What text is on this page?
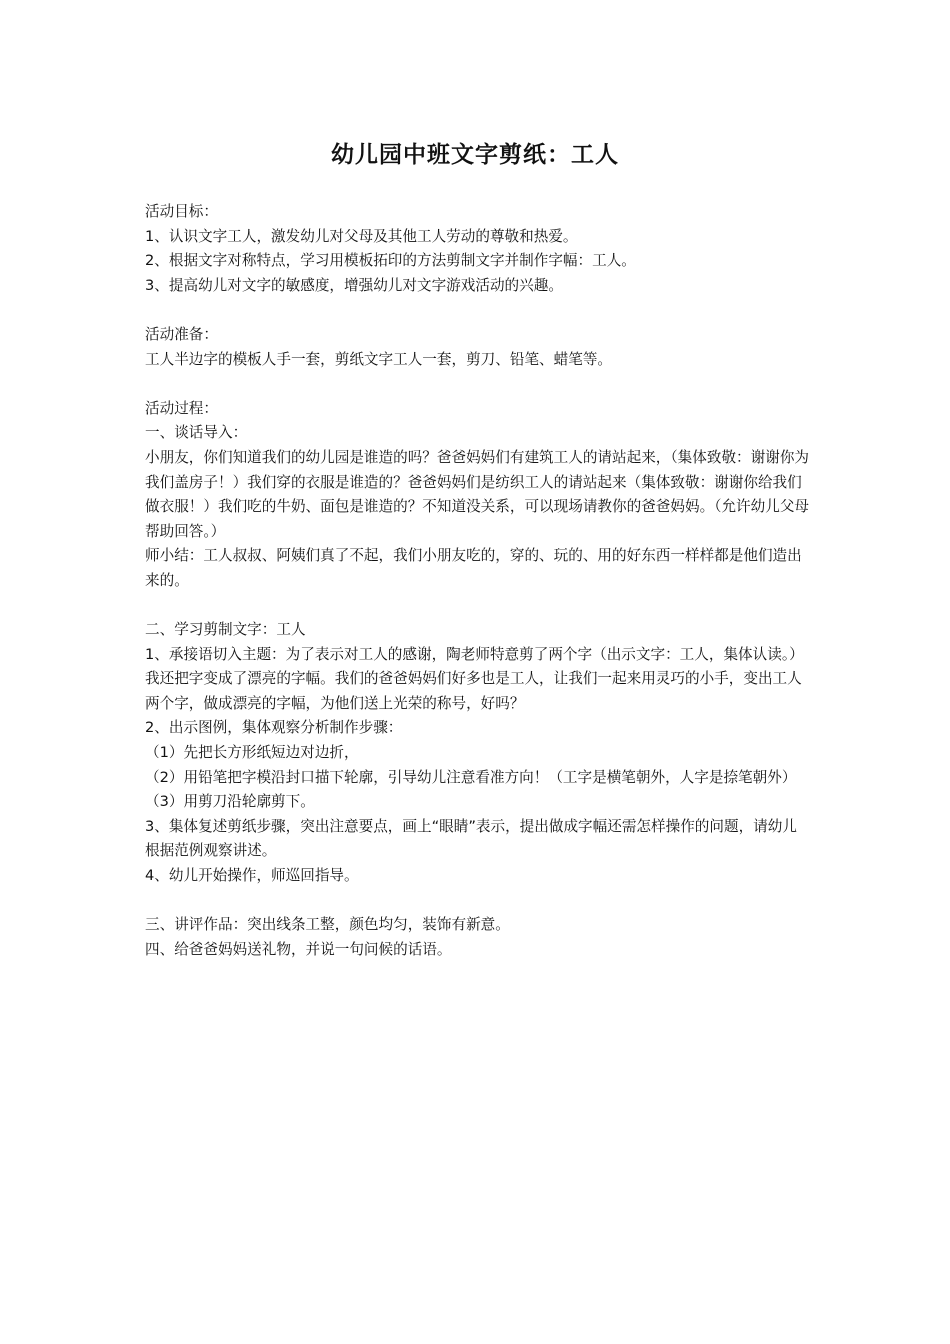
幼儿园中班文字剪纸：工人

活动目标：

1、认识文字工人，激发幼儿对父母及其他工人劳动的尊敬和热爱。

2、根据文字对称特点，学习用模板拓印的方法剪制文字并制作字幅：工人。

3、提高幼儿对文字的敏感度，增强幼儿对文字游戏活动的兴趣。

活动准备：

工人半边字的模板人手一套，剪纸文字工人一套，剪刀、铅笔、蜡笔等。

活动过程：

一、谈话导入：

小朋友，你们知道我们的幼儿园是谁造的吗？爸爸妈妈们有建筑工人的请站起来，（集体致敬：谢谢你为我们盖房子！）我们穿的衣服是谁造的？爸爸妈妈们是纺织工人的请站起来（集体致敬：谢谢你给我们做衣服！）我们吃的牛奶、面包是谁造的？不知道没关系，可以现场请教你的爸爸妈妈。（允许幼儿父母帮助回答。）

师小结：工人叔叔、阿姨们真了不起，我们小朋友吃的，穿的、玩的、用的好东西一样样都是他们造出来的。

二、学习剪制文字：工人

1、承接语切入主题：为了表示对工人的感谢，陶老师特意剪了两个字（出示文字：工人，集体认读。）我还把字变成了漂亮的字幅。我们的爸爸妈妈们好多也是工人，让我们一起来用灵巧的小手，变出工人两个字，做成漂亮的字幅，为他们送上光荣的称号，好吗？

2、出示图例，集体观察分析制作步骤：

（1）先把长方形纸短边对边折，

（2）用铅笔把字模沿封口描下轮廓，引导幼儿注意看准方向！（工字是横笔朝外，人字是捺笔朝外）

（3）用剪刀沿轮廓剪下。

3、集体复述剪纸步骤，突出注意要点，画上“眼睛”表示，提出做成字幅还需怎样操作的问题，请幼儿根据范例观察讲述。

4、幼儿开始操作，师巡回指导。

三、讲评作品：突出线条工整，颜色均匀，装饰有新意。

四、给爸爸妈妈送礼物，并说一句问候的话语。
